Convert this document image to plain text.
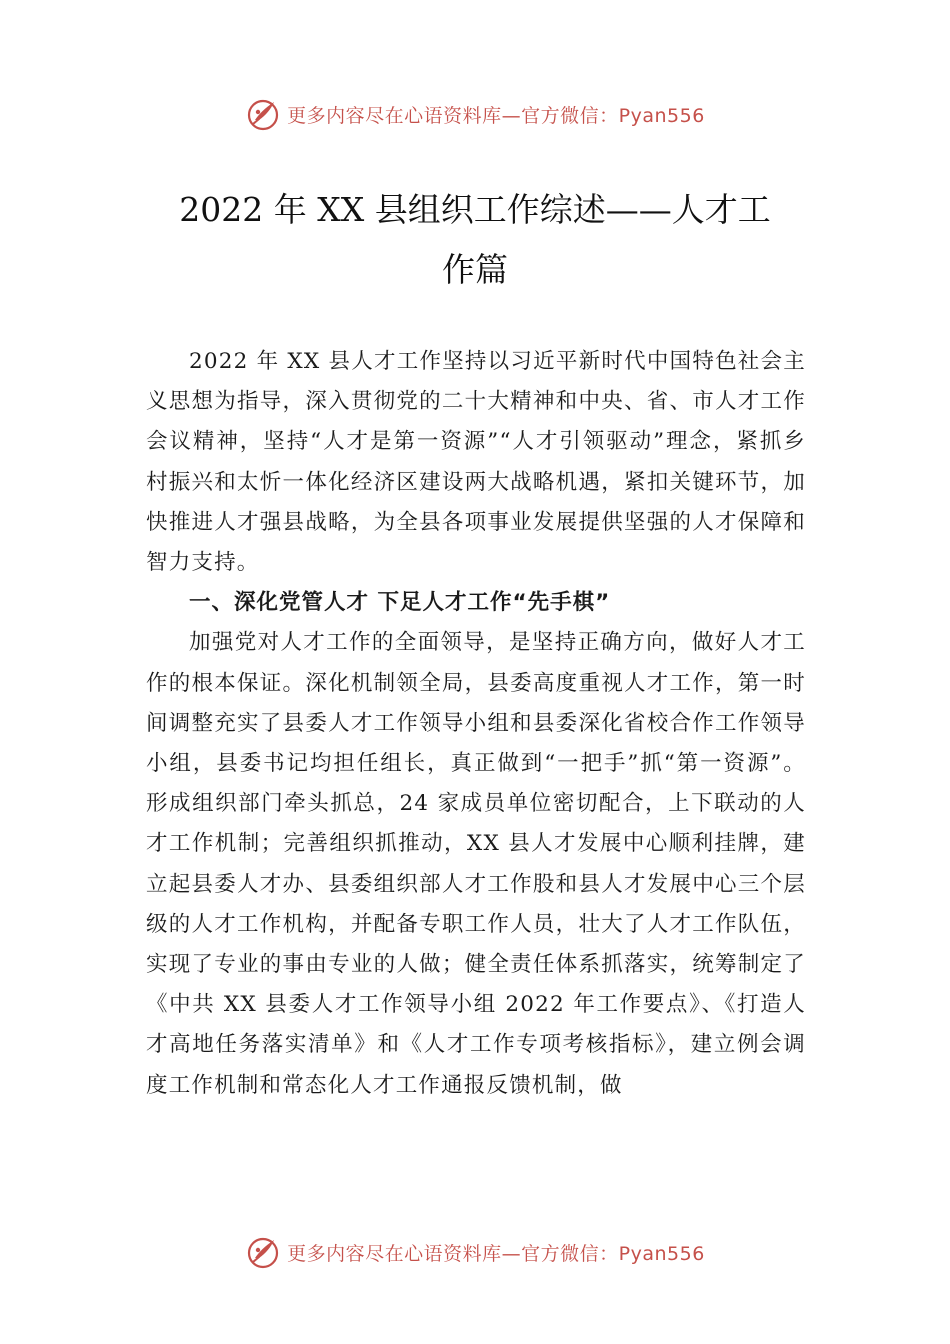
更多内容尽在心语资料库—官方微信：Pyan556
2022 年 XX 县组织工作综述——人才工
作篇

2022 年 XX 县人才工作坚持以习近平新时代中国特色社会主义思想为指导，深入贯彻党的二十大精神和中央、省、市人才工作会议精神，坚持“人才是第一资源”“人才引领驱动”理念，紧抓乡村振兴和太忻一体化经济区建设两大战略机遇，紧扣关键环节，加快推进人才强县战略，为全县各项事业发展提供坚强的人才保障和智力支持。

一、深化党管人才 下足人才工作“先手棋”

加强党对人才工作的全面领导，是坚持正确方向，做好人才工作的根本保证。深化机制领全局，县委高度重视人才工作，第一时间调整充实了县委人才工作领导小组和县委深化省校合作工作领导小组，县委书记均担任组长，真正做到“一把手”抓“第一资源”。形成组织部门牵头抓总，24 家成员单位密切配合，上下联动的人才工作机制；完善组织抓推动，XX 县人才发展中心顺利挂牌，建立起县委人才办、县委组织部人才工作股和县人才发展中心三个层级的人才工作机构，并配备专职工作人员，壮大了人才工作队伍，实现了专业的事由专业的人做；健全责任体系抓落实，统筹制定了《中共 XX 县委人才工作领导小组 2022 年工作要点》、《打造人才高地任务落实清单》和《人才工作专项考核指标》，建立例会调度工作机制和常态化人才工作通报反馈机制，做

更多内容尽在心语资料库—官方微信：Pyan556
